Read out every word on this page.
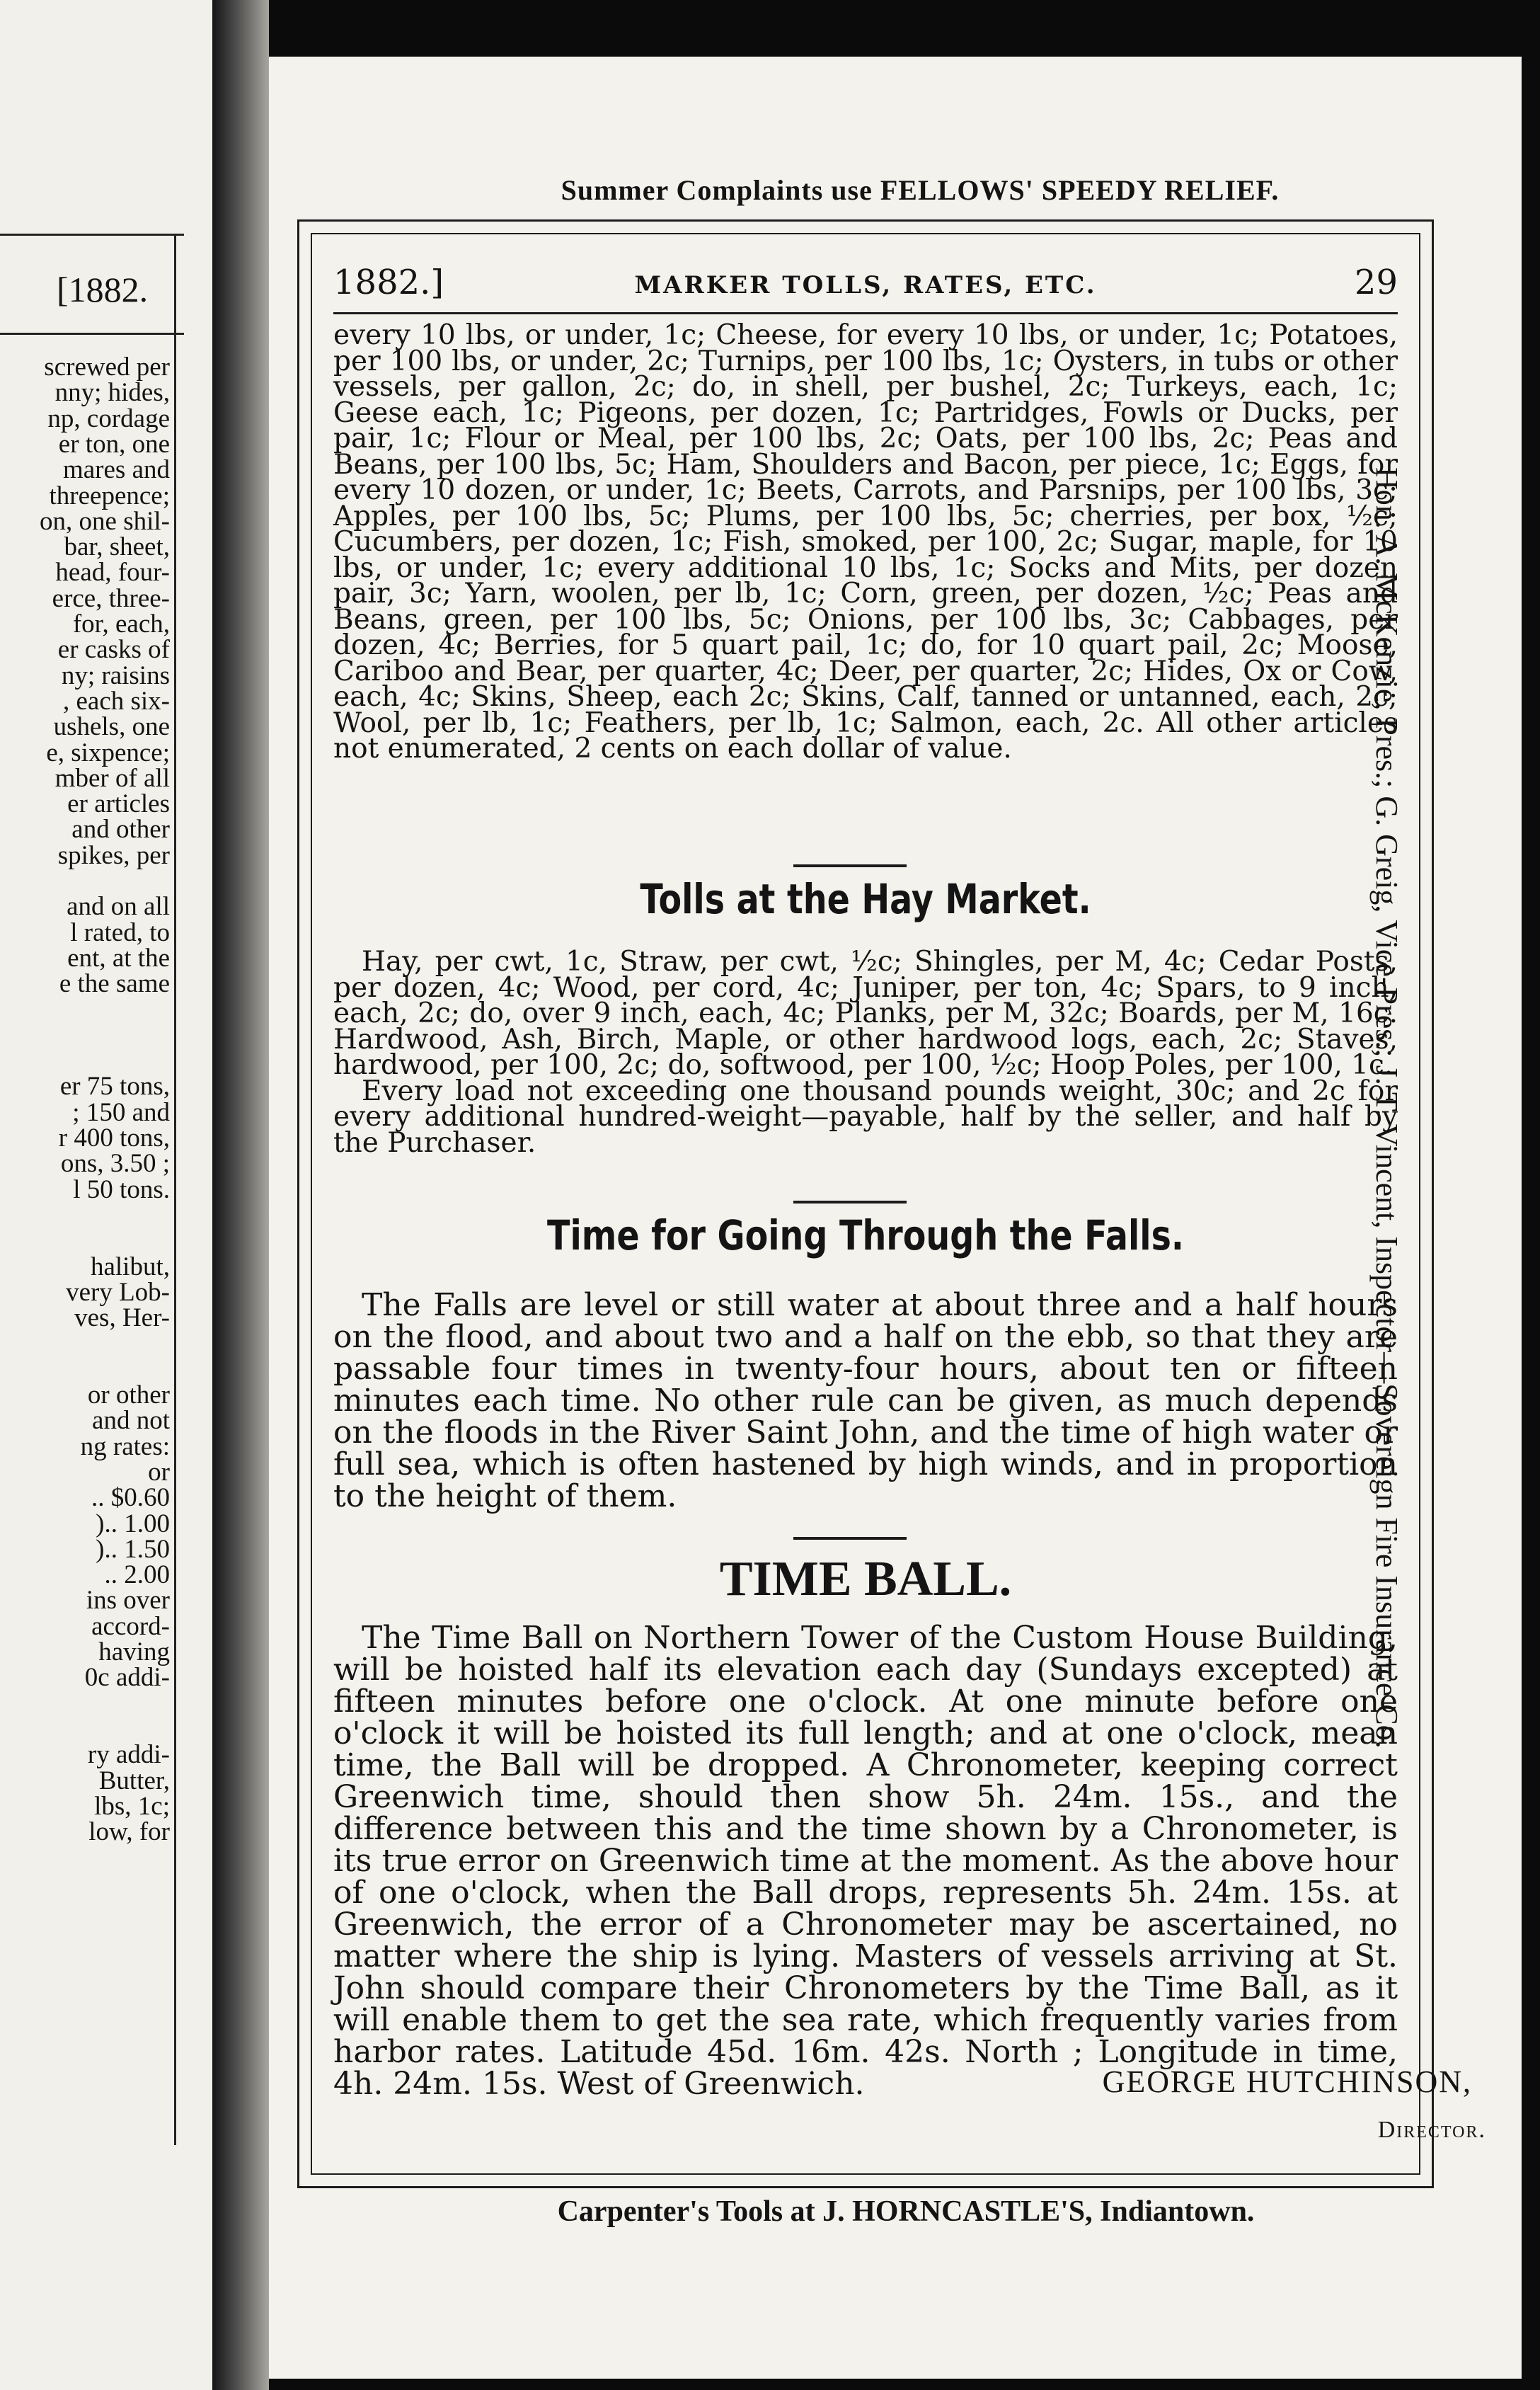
[1882.
screwed per
nny; hides,
np, cordage
er ton, one
mares and
threepence;
on, one shil-
bar, sheet,
head, four-
erce, three-
for, each,
er casks of
ny; raisins
, each six-
ushels, one
e, sixpence;
mber of all
er articles
and other
spikes, per
and on all
l rated, to
ent, at the
e the same
er 75 tons,
; 150 and
r 400 tons,
ons, 3.50 ;
l 50 tons.
halibut,
very Lob-
ves, Her-
or other
and not
ng rates:
or
.. $0.60
).. 1.00
).. 1.50
.. 2.00
ins over
accord-
having
0c addi-
ry addi-
Butter,
lbs, 1c;
low, for
Summer Complaints use FELLOWS' SPEEDY RELIEF.
1882.]	MARKER TOLLS, RATES, ETC.	29

every 10 lbs, or under, 1c; Cheese, for every 10 lbs, or under, 1c; Potatoes, per 100 lbs, or under, 2c; Turnips, per 100 lbs, 1c; Oysters, in tubs or other vessels, per gallon, 2c; do, in shell, per bushel, 2c; Turkeys, each, 1c; Geese each, 1c; Pigeons, per dozen, 1c; Partridges, Fowls or Ducks, per pair, 1c; Flour or Meal, per 100 lbs, 2c; Oats, per 100 lbs, 2c; Peas and Beans, per 100 lbs, 5c; Ham, Shoulders and Bacon, per piece, 1c; Eggs, for every 10 dozen, or under, 1c; Beets, Carrots, and Parsnips, per 100 lbs, 3c; Apples, per 100 lbs, 5c; Plums, per 100 lbs, 5c; cherries, per box, ½c; Cucumbers, per dozen, 1c; Fish, smoked, per 100, 2c; Sugar, maple, for 10 lbs, or under, 1c; every additional 10 lbs, 1c; Socks and Mits, per dozen pair, 3c; Yarn, woolen, per lb, 1c; Corn, green, per dozen, ½c; Peas and Beans, green, per 100 lbs, 5c; Onions, per 100 lbs, 3c; Cabbages, per dozen, 4c; Berries, for 5 quart pail, 1c; do, for 10 quart pail, 2c; Moose, Cariboo and Bear, per quarter, 4c; Deer, per quarter, 2c; Hides, Ox or Cow, each, 4c; Skins, Sheep, each 2c; Skins, Calf, tanned or untanned, each, 2c; Wool, per lb, 1c; Feathers, per lb, 1c; Salmon, each, 2c. All other articles not enumerated, 2 cents on each dollar of value.

Tolls at the Hay Market.

Hay, per cwt, 1c, Straw, per cwt, ½c; Shingles, per M, 4c; Cedar Posts, per dozen, 4c; Wood, per cord, 4c; Juniper, per ton, 4c; Spars, to 9 inch, each, 2c; do, over 9 inch, each, 4c; Planks, per M, 32c; Boards, per M, 16c. Hardwood, Ash, Birch, Maple, or other hardwood logs, each, 2c; Staves, hardwood, per 100, 2c; do, softwood, per 100, ½c; Hoop Poles, per 100, 1c.

Every load not exceeding one thousand pounds weight, 30c; and 2c for every additional hundred-weight—payable, half by the seller, and half by the Purchaser.

Time for Going Through the Falls.

The Falls are level or still water at about three and a half hours on the flood, and about two and a half on the ebb, so that they are passable four times in twenty-four hours, about ten or fifteen minutes each time. No other rule can be given, as much depends on the floods in the River Saint John, and the time of high water or full sea, which is often hastened by high winds, and in proportion to the height of them.

TIME BALL.

The Time Ball on Northern Tower of the Custom House Building, will be hoisted half its elevation each day (Sundays excepted) at fifteen minutes before one o'clock. At one minute before one o'clock it will be hoisted its full length; and at one o'clock, mean time, the Ball will be dropped. A Chronometer, keeping correct Greenwich time, should then show 5h. 24m. 15s., and the difference between this and the time shown by a Chronometer, is its true error on Greenwich time at the moment. As the above hour of one o'clock, when the Ball drops, represents 5h. 24m. 15s. at Greenwich, the error of a Chronometer may be ascertained, no matter where the ship is lying. Masters of vessels arriving at St. John should compare their Chronometers by the Time Ball, as it will enable them to get the sea rate, which frequently varies from harbor rates. Latitude 45d. 16m. 42s. North ; Longitude in time, 4h. 24m. 15s. West of Greenwich.	GEORGE HUTCHINSON,
Director.
Carpenter's Tools at J. HORNCASTLE'S, Indiantown.
Hon. A. McKenzie, Pres.; G. Greig, Vice-Pres.; J. T. Vincent, Inspector—Sovereign Fire Insurance Co.
